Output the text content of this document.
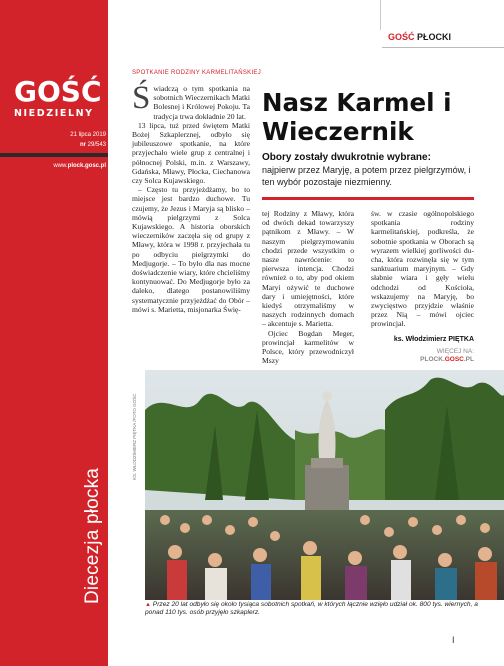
GOŚĆ
NIEDZIELNY
21 lipca 2019
nr 29/543
www.plock.gosc.pl
Diecezja płocka
GOŚĆ PŁOCKI
SPOTKANIE RODZINY KARMELITAŃSKIEJ

Świadczą o tym spotkania na sobotnich Wieczernikach Matki Bolesnej i Królowej Pokoju. Ta tradycja trwa dokładnie 20 lat.

13 lipca, tuż przed świętem Matki Bożej Szkaplerznej, odbyło się jubileuszowe spotkanie, na które przyjechało wiele grup z centralnej i północnej Polski, m.in. z Warszawy, Gdańska, Mławy, Płocka, Ciechanowa czy Solca Kujawskiego.

– Często tu przyjeżdżamy, bo to miejsce jest bardzo duchowe. Tu czujemy, że Jezus i Maryja są blisko – mówią pielgrzymi z Solca Kujawskiego. A historia oborskich wieczerników zaczęła się od grupy z Mławy, która w 1998 r. przyjechała tu po odbyciu pielgrzymki do Medjugorje. – To było dla nas mocne doświadczenie wiary, które chcieliśmy kontynuować. Do Medjugorje było za daleko, dlatego postanowiliśmy systematycznie przyjeżdżać do Obór – mówi s. Marietta, misjonarka Świę-

Nasz Karmel i Wieczernik
Obory zostały dwukrotnie wybrane:
najpierw przez Maryję, a potem przez pielgrzymów, i ten wybór pozostaje niezmienny.

tej Rodziny z Mławy, która od dwóch dekad towarzyszy pątnikom z Mławy. – W naszym pielgrzymowaniu chodzi przede wszystkim o nasze nawrócenie: to pierwsza intencja. Chodzi również o to, aby pod okiem Maryi ożywić te duchowe dary i umiejętności, które kiedyś otrzymaliśmy w naszych rodzinnych domach – akcentuje s. Marietta.

Ojciec Bogdan Meger, prowincjał karmelitów w Polsce, który przewodniczył Mszy

św. w czasie ogólnopolskiego spotkania rodziny karmelitańskiej, podkreśla, że sobotnie spotkania w Oborach są wyrazem wielkiej gorliwości du-cha, która rozwinęła się w tym sanktuarium maryjnym. – Gdy słabnie wiara i gęły wielu odchodzi od Kościoła, wskazujemy na Maryję, bo zwycięstwo przyjdzie właśnie przez Nią – mówi ojciec prowincjał.

ks. Włodzimierz PIĘTKA
WIĘCEJ NA:
PLOCK.GOSC.PL
KS. WŁODZIMIERZ PIĘTKA /FOTO GOŚĆ
▲ Przez 20 lat odbyło się około tysiąca sobotnich spotkań, w których łącznie wzięło udział ok. 800 tys. wiernych, a ponad 110 tys. osób przyjęło szkaplerz.
I
